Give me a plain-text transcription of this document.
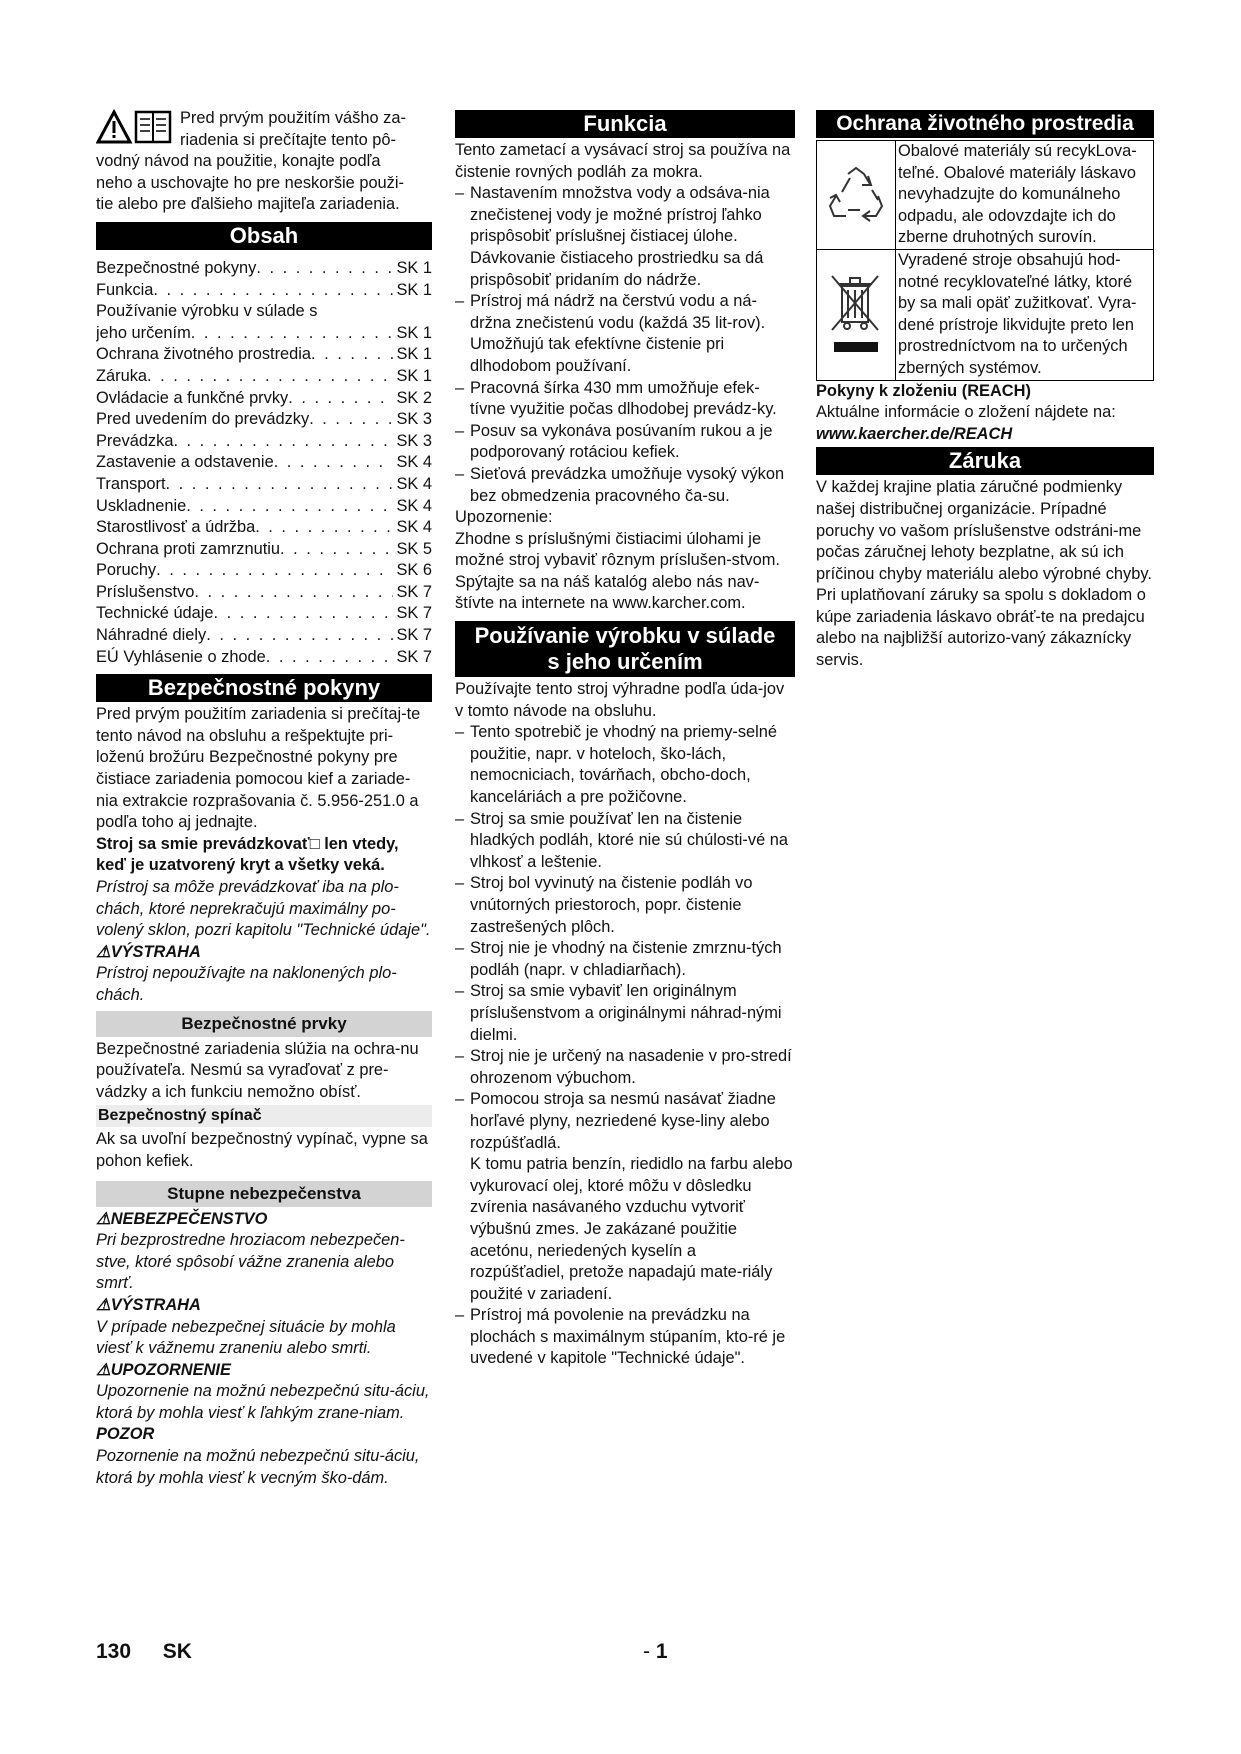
Pred prvým použitím vášho za-
riadenia si prečítajte tento pô-
vodný návod na použitie, konajte podľa
neho a uschovajte ho pre neskoršie použi-
tie alebo pre ďalšieho majiteľa zariadenia.
Obsah
Bezpečnostné pokyny . . .	SK 1
Funkcia . . .	SK 1
Používanie výrobku v súlade s
jeho určením . . .	SK 1
Ochrana životného prostredia . . .	SK 1
Záruka . . .	SK 1
Ovládacie a funkčné prvky . . .	SK 2
Pred uvedením do prevádzky . . .	SK 3
Prevádzka . . .	SK 3
Zastavenie a odstavenie . . .	SK 4
Transport . . .	SK 4
Uskladnenie . . .	SK 4
Starostlivosť a údržba . . .	SK 4
Ochrana proti zamrznutiu . . .	SK 5
Poruchy . . .	SK 6
Príslušenstvo . . .	SK 7
Technické údaje . . .	SK 7
Náhradné diely . . .	SK 7
EÚ Vyhlásenie o zhode . . .	SK 7
Bezpečnostné pokyny

Pred prvým použitím zariadenia si prečítaj-te tento návod na obsluhu a rešpektujte pri-loženú brožúru Bezpečnostné pokyny pre čistiace zariadenia pomocou kief a zariade-nia extrakcie rozprašovania č. 5.956-251.0 a podľa toho aj jednajte.

Stroj sa smie prevádzkovať□ len vtedy, keď je uzatvorený kryt a všetky veká.

Prístroj sa môže prevádzkovať iba na plo-chách, ktoré neprekračujú maximálny po-volený sklon, pozri kapitolu "Technické údaje".

⚠VÝSTRAHA

Prístroj nepoužívajte na naklonených plo-chách.

Bezpečnostné prvky

Bezpečnostné zariadenia slúžia na ochra-nu používateľa. Nesmú sa vyraďovať z pre-vádzky a ich funkciu nemožno obísť.

Bezpečnostný spínač

Ak sa uvoľní bezpečnostný vypínač, vypne sa pohon kefiek.

Stupne nebezpečenstva

⚠NEBEZPEČENSTVO

Pri bezprostredne hroziacom nebezpečen-stve, ktoré spôsobí vážne zranenia alebo smrť.

⚠VÝSTRAHA

V prípade nebezpečnej situácie by mohla viesť k vážnemu zraneniu alebo smrti.

⚠UPOZORNENIE

Upozornenie na možnú nebezpečnú situ-áciu, ktorá by mohla viesť k ľahkým zrane-niam.

POZOR

Pozornenie na možnú nebezpečnú situ-áciu, ktorá by mohla viesť k vecným ško-dám.

Funkcia

Tento zametací a vysávací stroj sa používa na čistenie rovných podláh za mokra.

– Nastavením množstva vody a odsáva-nia znečistenej vody je možné prístroj ľahko prispôsobiť príslušnej čistiacej úlohe.
Dávkovanie čistiaceho prostriedku sa dá prispôsobiť pridaním do nádrže.
– Prístroj má nádrž na čerstvú vodu a ná-držna znečistenú vodu (každá 35 lit-rov). Umožňujú tak efektívne čistenie pri dlhodobom používaní.
– Pracovná šírka 430 mm umožňuje efek-tívne využitie počas dlhodobej prevádz-ky.
– Posuv sa vykonáva posúvaním rukou a je podporovaný rotáciou kefiek.
– Sieťová prevádzka umožňuje vysoký výkon bez obmedzenia pracovného ča-su.

Upozornenie:

Zhodne s príslušnými čistiacimi úlohami je možné stroj vybaviť rôznym príslušen-stvom.

Spýtajte sa na náš katalóg alebo nás nav-štívte na internete na www.karcher.com.

Používanie výrobku v súlade
s jeho určením

Používajte tento stroj výhradne podľa úda-jov v tomto návode na obsluhu.

– Tento spotrebič je vhodný na priemy-selné použitie, napr. v hoteloch, ško-lách, nemocniciach, továrňach, obcho-doch, kanceláriách a pre požičovne.
– Stroj sa smie používať len na čistenie hladkých podláh, ktoré nie sú chúlosti-vé na vlhkosť a leštenie.
– Stroj bol vyvinutý na čistenie podláh vo vnútorných priestoroch, popr. čistenie zastrešených plôch.
– Stroj nie je vhodný na čistenie zmrznu-tých podláh (napr. v chladiarňach).
– Stroj sa smie vybaviť len originálnym príslušenstvom a originálnymi náhrad-nými dielmi.
– Stroj nie je určený na nasadenie v pro-stredí ohrozenom výbuchom.
– Pomocou stroja sa nesmú nasávať žiadne horľavé plyny, nezriedené kyse-liny alebo rozpúšťadlá.
K tomu patria benzín, riedidlo na farbu alebo vykurovací olej, ktoré môžu v dôsledku zvírenia nasávaného vzduchu vytvoriť výbušnú zmes. Je zakázané použitie acetónu, neriedených kyselín a rozpúšťadiel, pretože napadajú mate-riály použité v zariadení.
– Prístroj má povolenie na prevádzku na plochách s maximálnym stúpaním, kto-ré je uvedené v kapitole "Technické údaje".
Ochrana životného prostredia
Obalové materiály sú recykLova-teľné. Obalové materiály láskavo nevyhadzujte do komunálneho odpadu, ale odovzdajte ich do zberne druhotných surovín.
Vyradené stroje obsahujú hod-notné recyklovateľné látky, ktoré by sa mali opäť zužitkovať. Vyra-dené prístroje likvidujte preto len prostredníctvom na to určených zberných systémov.

Pokyny k zloženiu (REACH)

Aktuálne informácie o zložení nájdete na:

www.kaercher.de/REACH

Záruka

V každej krajine platia záručné podmienky našej distribučnej organizácie. Prípadné poruchy vo vašom príslušenstve odstráni-me počas záručnej lehoty bezplatne, ak sú ich príčinou chyby materiálu alebo výrobné chyby. Pri uplatňovaní záruky sa spolu s dokladom o kúpe zariadenia láskavo obráť-te na predajcu alebo na najbližší autorizo-vaný zákaznícky servis.

130 SK	- 1
